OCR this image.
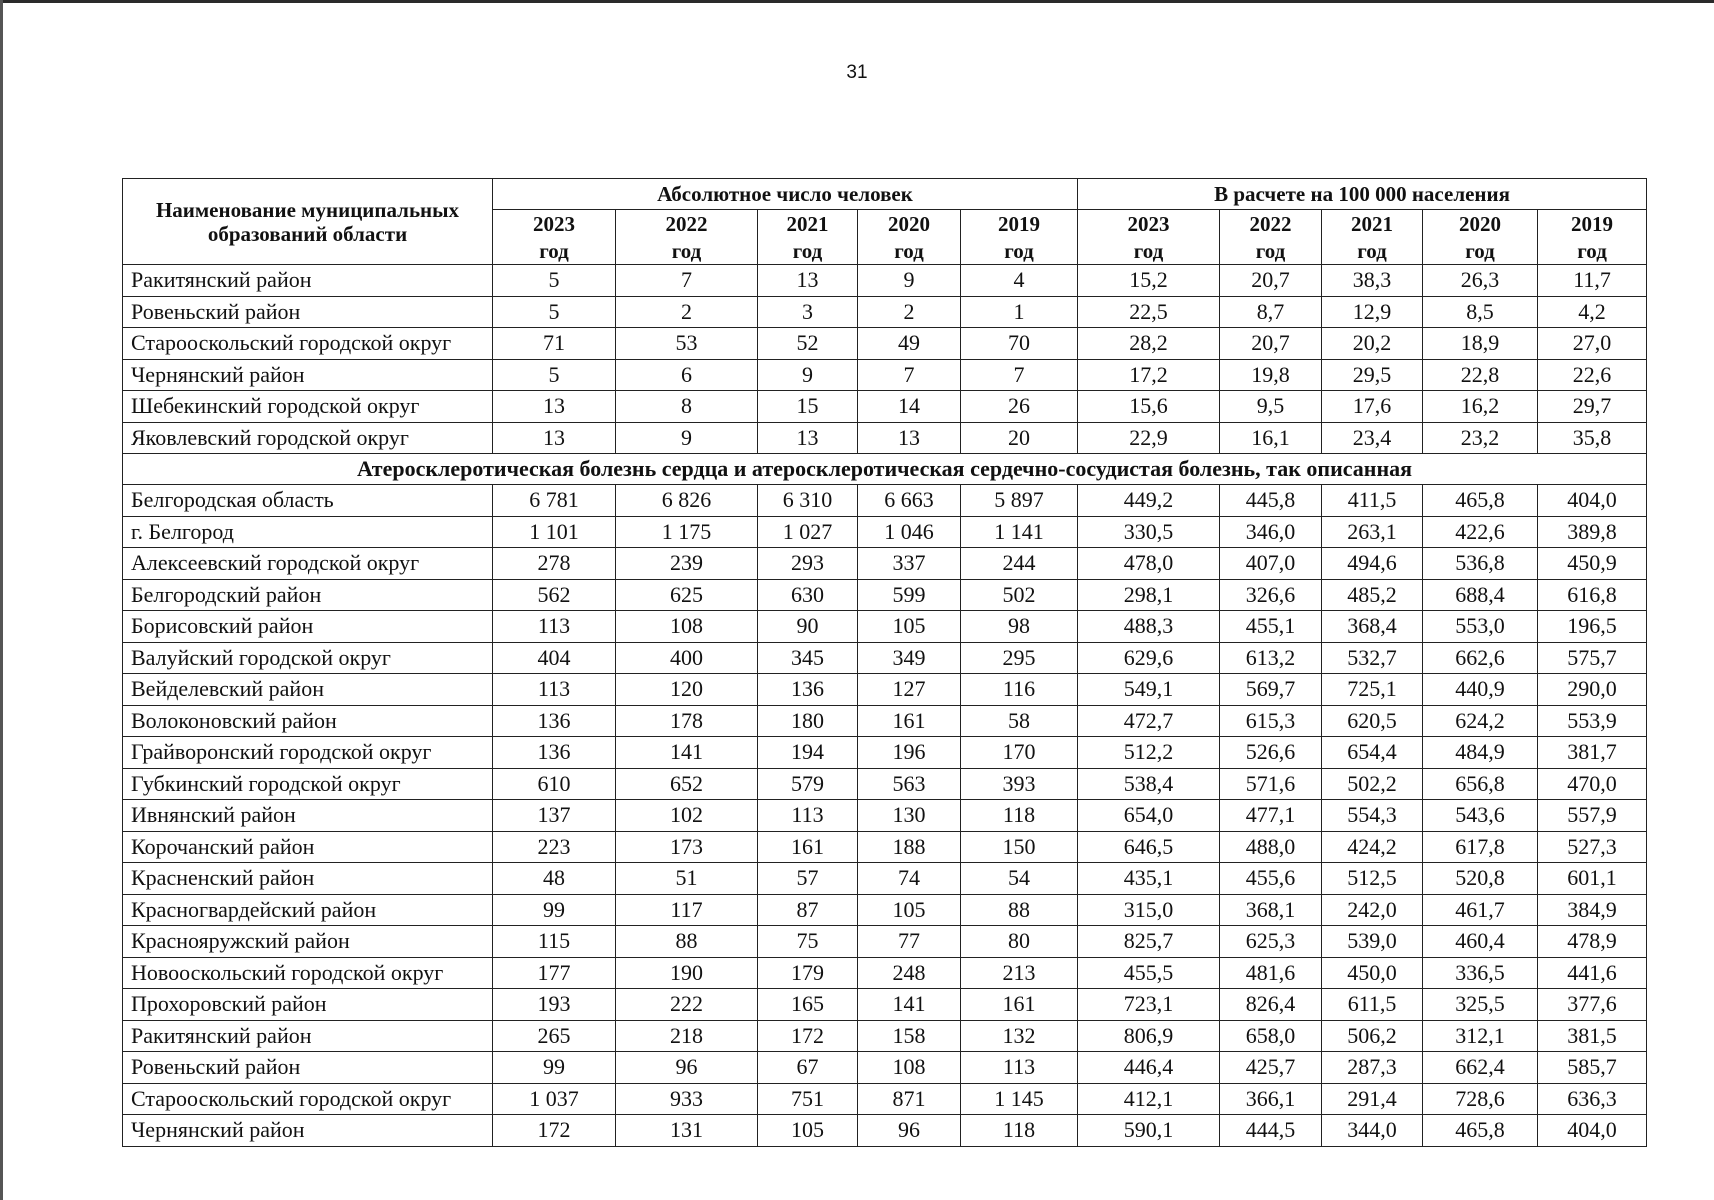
31
Наименование муниципальных образований области	Абсолютное число человек					В расчете на 100 000 населения				
	2023	2022	2021	2020	2019	2023	2022	2021	2020	2019
	год	год	год	год	год	год	год	год	год	год
Ракитянский район	5	7	13	9	4	15,2	20,7	38,3	26,3	11,7
Ровеньский район	5	2	3	2	1	22,5	8,7	12,9	8,5	4,2
Старооскольский городской округ	71	53	52	49	70	28,2	20,7	20,2	18,9	27,0
Чернянский район	5	6	9	7	7	17,2	19,8	29,5	22,8	22,6
Шебекинский городской округ	13	8	15	14	26	15,6	9,5	17,6	16,2	29,7
Яковлевский городской округ	13	9	13	13	20	22,9	16,1	23,4	23,2	35,8
Атеросклеротическая болезнь сердца и атеросклеротическая сердечно-сосудистая болезнь, так описанная										
Белгородская область	6 781	6 826	6 310	6 663	5 897	449,2	445,8	411,5	465,8	404,0
г. Белгород	1 101	1 175	1 027	1 046	1 141	330,5	346,0	263,1	422,6	389,8
Алексеевский городской округ	278	239	293	337	244	478,0	407,0	494,6	536,8	450,9
Белгородский район	562	625	630	599	502	298,1	326,6	485,2	688,4	616,8
Борисовский район	113	108	90	105	98	488,3	455,1	368,4	553,0	196,5
Валуйский городской округ	404	400	345	349	295	629,6	613,2	532,7	662,6	575,7
Вейделевский район	113	120	136	127	116	549,1	569,7	725,1	440,9	290,0
Волоконовский район	136	178	180	161	58	472,7	615,3	620,5	624,2	553,9
Грайворонский городской округ	136	141	194	196	170	512,2	526,6	654,4	484,9	381,7
Губкинский городской округ	610	652	579	563	393	538,4	571,6	502,2	656,8	470,0
Ивнянский район	137	102	113	130	118	654,0	477,1	554,3	543,6	557,9
Корочанский район	223	173	161	188	150	646,5	488,0	424,2	617,8	527,3
Красненский район	48	51	57	74	54	435,1	455,6	512,5	520,8	601,1
Красногвардейский район	99	117	87	105	88	315,0	368,1	242,0	461,7	384,9
Краснояружский район	115	88	75	77	80	825,7	625,3	539,0	460,4	478,9
Новооскольский городской округ	177	190	179	248	213	455,5	481,6	450,0	336,5	441,6
Прохоровский район	193	222	165	141	161	723,1	826,4	611,5	325,5	377,6
Ракитянский район	265	218	172	158	132	806,9	658,0	506,2	312,1	381,5
Ровеньский район	99	96	67	108	113	446,4	425,7	287,3	662,4	585,7
Старооскольский городской округ	1 037	933	751	871	1 145	412,1	366,1	291,4	728,6	636,3
Чернянский район	172	131	105	96	118	590,1	444,5	344,0	465,8	404,0
